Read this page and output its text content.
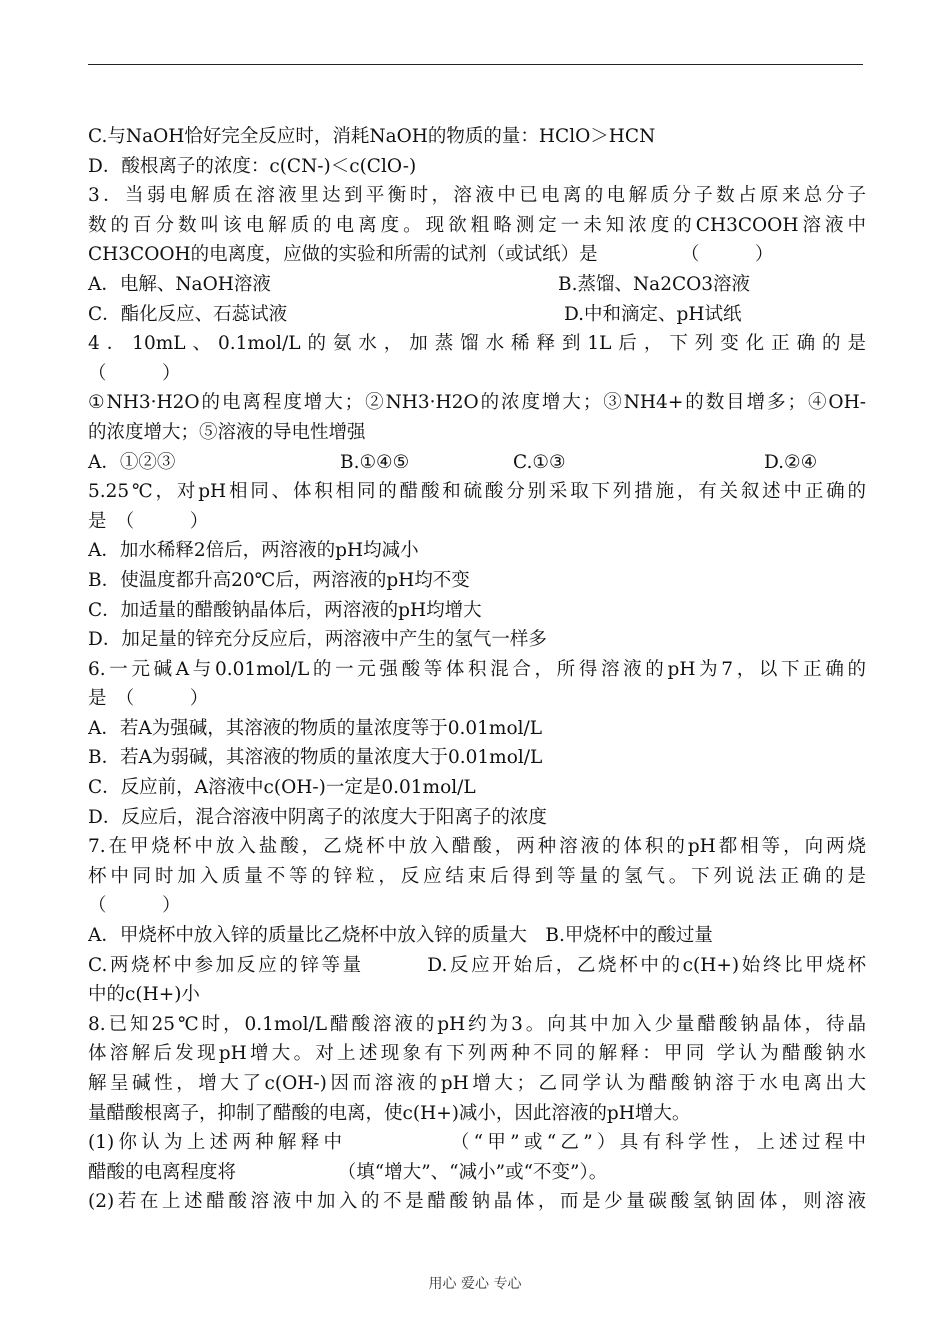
C.与NaOH恰好完全反应时，消耗NaOH的物质的量：HClO＞HCN
D．酸根离子的浓度：c(CN-)＜c(ClO-)
3．当弱电解质在溶液里达到平衡时，溶液中已电离的电解质分子数占原来总分子
数的百分数叫该电解质的电离度。现欲粗略测定一未知浓度的CH3COOH溶液中
CH3COOH的电离度，应做的实验和所需的试剂（或试纸）是　　　　　（　　　）

A．电解、NaOH溶液

	B.蒸馏、Na2CO3溶液

C．酯化反应、石蕊试液

	D.中和滴定、pH试纸

4．10mL、0.1mol/L的氨水，加蒸馏水稀释到1L后，下列变化正确的是
（　　　）
①NH3·H2O的电离程度增大；②NH3·H2O的浓度增大；③NH4+的数目增多；④OH-
的浓度增大；⑤溶液的导电性增强

A．①②③

	B.①④⑤

	C.①③

	D.②④

5.25℃，对pH相同、体积相同的醋酸和硫酸分别采取下列措施，有关叙述中正确的
是　（　　　）
A．加水稀释2倍后，两溶液的pH均减小
B．使温度都升高20℃后，两溶液的pH均不变
C．加适量的醋酸钠晶体后，两溶液的pH均增大
D．加足量的锌充分反应后，两溶液中产生的氢气一样多
6.一元碱A与0.01mol/L的一元强酸等体积混合，所得溶液的pH为7，以下正确的
是　（　　　）
A．若A为强碱，其溶液的物质的量浓度等于0.01mol/L
B．若A为弱碱，其溶液的物质的量浓度大于0.01mol/L
C．反应前，A溶液中c(OH-)一定是0.01mol/L
D．反应后，混合溶液中阴离子的浓度大于阳离子的浓度
7.在甲烧杯中放入盐酸，乙烧杯中放入醋酸，两种溶液的体积的pH都相等，向两烧
杯中同时加入质量不等的锌粒，反应结束后得到等量的氢气。下列说法正确的是
（　　　）
A．甲烧杯中放入锌的质量比乙烧杯中放入锌的质量大　B.甲烧杯中的酸过量
C.两烧杯中参加反应的锌等量　　　D.反应开始后，乙烧杯中的c(H+)始终比甲烧杯
中的c(H+)小
8.已知25℃时，0.1mol/L醋酸溶液的pH约为3。向其中加入少量醋酸钠晶体，待晶
体溶解后发现pH增大。对上述现象有下列两种不同的解释：甲同 学认为醋酸钠水
解呈碱性，增大了c(OH-)因而溶液的pH增大；乙同学认为醋酸钠溶于水电离出大
量醋酸根离子，抑制了醋酸的电离，使c(H+)减小，因此溶液的pH增大。
(1)你认为上述两种解释中　　　　　（“甲”或“乙”）具有科学性，上述过程中
醋酸的电离程度将　　　　　　（填“增大”、“减小”或“不变”）。
(2)若在上述醋酸溶液中加入的不是醋酸钠晶体，而是少量碳酸氢钠固体，则溶液
用心 爱心 专心
